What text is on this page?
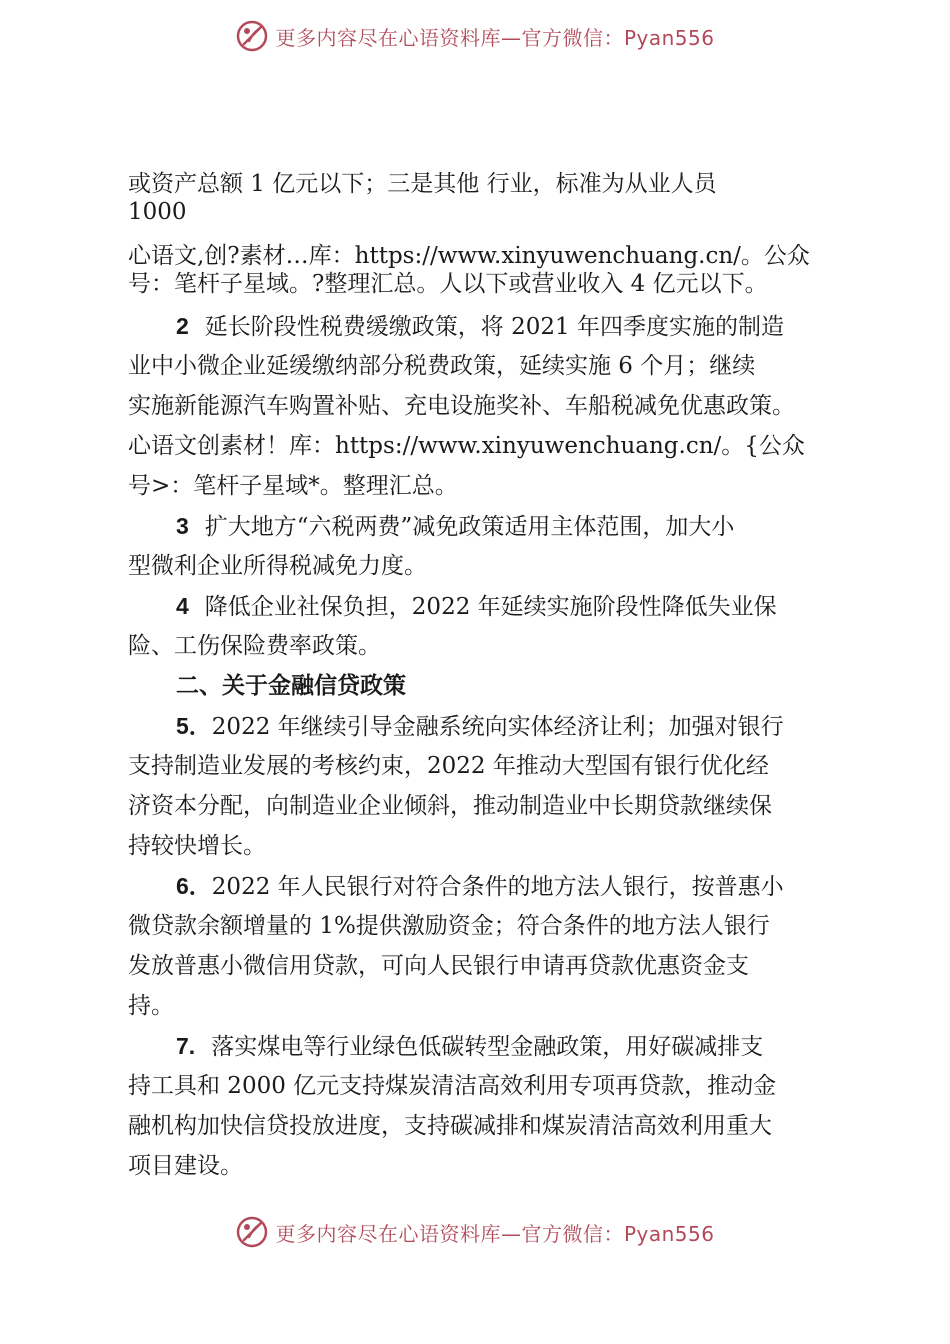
更多内容尽在心语资料库—官方微信：Pyan556
或资产总额 1 亿元以下；三是其他 行业，标准为从业人员
1000
心语文,创?素材…库：https://www.xinyuwenchuang.cn/。公众
号：笔杆子星域。?整理汇总。人以下或营业收入 4 亿元以下。
2 延长阶段性税费缓缴政策，将 2021 年四季度实施的制造
业中小微企业延缓缴纳部分税费政策，延续实施 6 个月；继续
实施新能源汽车购置补贴、充电设施奖补、车船税减免优惠政策。
心语文创素材！库：https://www.xinyuwenchuang.cn/。{公众
号>：笔杆子星域*。整理汇总。
3 扩大地方“六税两费”减免政策适用主体范围，加大小
型微利企业所得税减免力度。
4 降低企业社保负担，2022 年延续实施阶段性降低失业保
险、工伤保险费率政策。
二、关于金融信贷政策
5．2022 年继续引导金融系统向实体经济让利；加强对银行
支持制造业发展的考核约束，2022 年推动大型国有银行优化经
济资本分配，向制造业企业倾斜，推动制造业中长期贷款继续保
持较快增长。
6．2022 年人民银行对符合条件的地方法人银行，按普惠小
微贷款余额增量的 1%提供激励资金；符合条件的地方法人银行
发放普惠小微信用贷款，可向人民银行申请再贷款优惠资金支
持。
7. 落实煤电等行业绿色低碳转型金融政策，用好碳减排支
持工具和 2000 亿元支持煤炭清洁高效利用专项再贷款，推动金
融机构加快信贷投放进度，支持碳减排和煤炭清洁高效利用重大
项目建设。
更多内容尽在心语资料库—官方微信：Pyan556
